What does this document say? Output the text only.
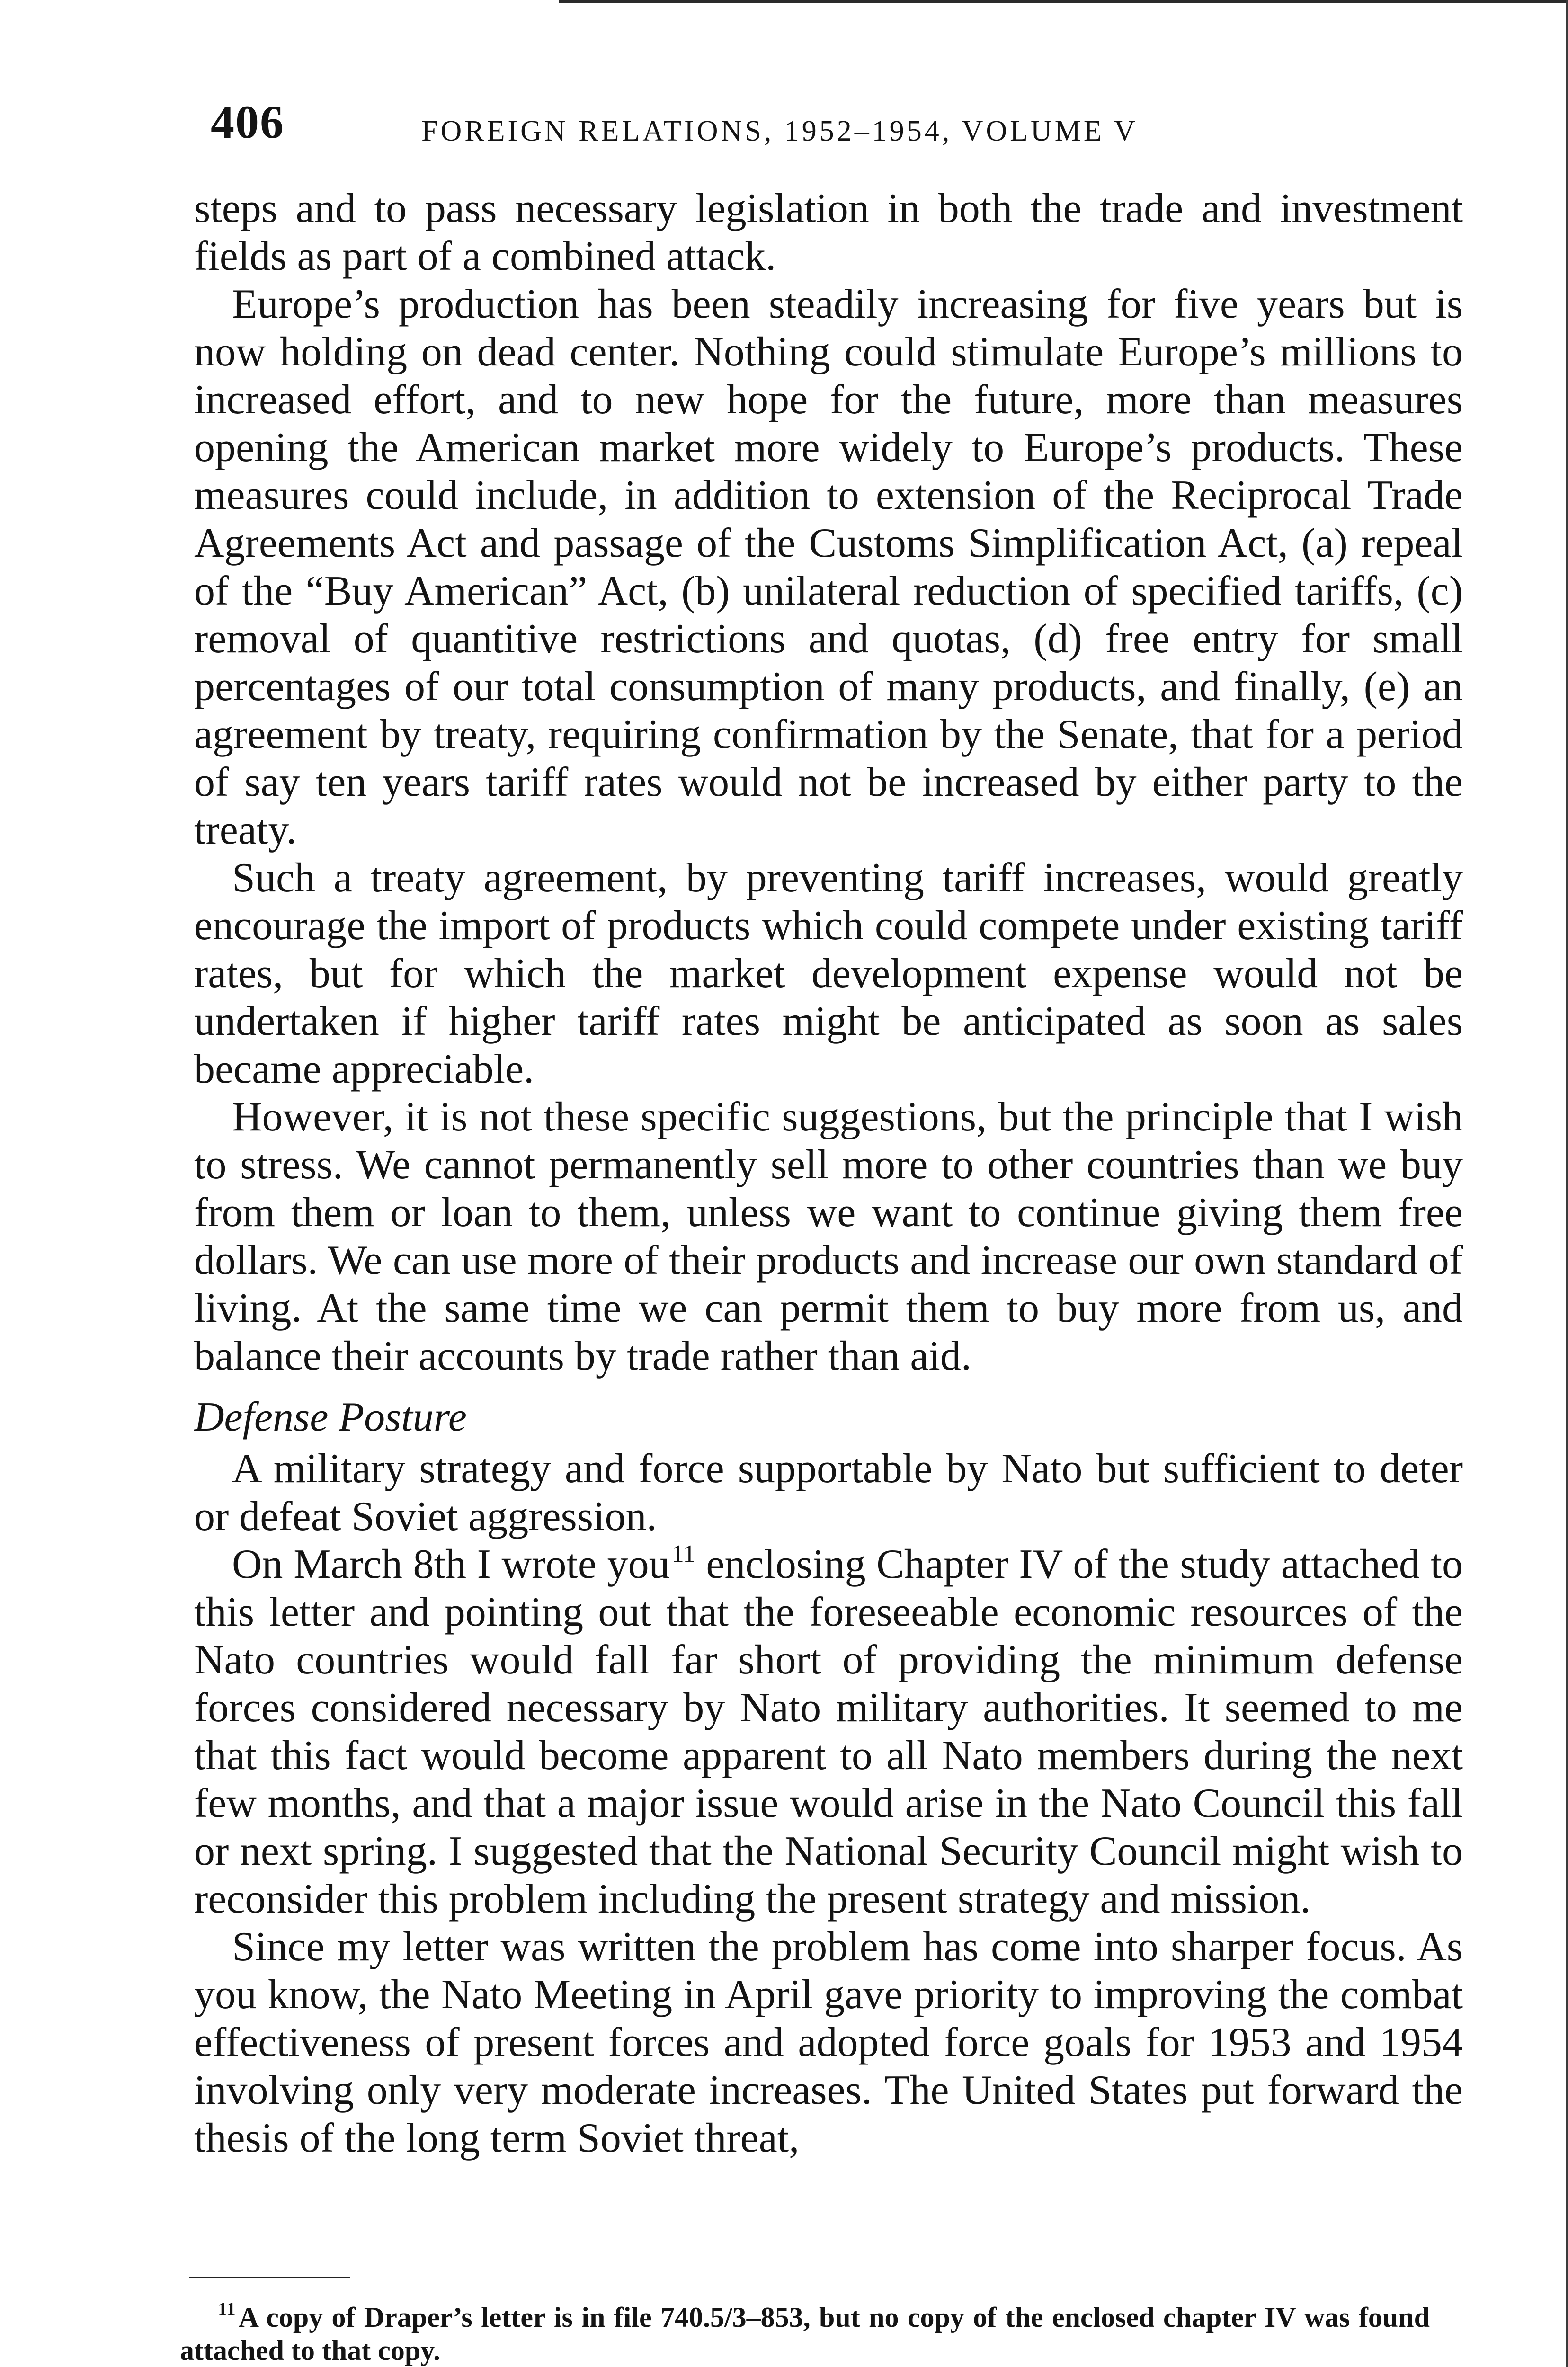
406	FOREIGN RELATIONS, 1952–1954, VOLUME V

steps and to pass necessary legislation in both the trade and investment fields as part of a combined attack.

Europe’s production has been steadily increasing for five years but is now holding on dead center. Nothing could stimulate Europe’s millions to increased effort, and to new hope for the future, more than measures opening the American market more widely to Europe’s products. These measures could include, in addition to extension of the Reciprocal Trade Agreements Act and passage of the Customs Simplification Act, (a) repeal of the “Buy American” Act, (b) unilateral reduction of specified tariffs, (c) removal of quantitive restrictions and quotas, (d) free entry for small percentages of our total consumption of many products, and finally, (e) an agreement by treaty, requiring confirmation by the Senate, that for a period of say ten years tariff rates would not be increased by either party to the treaty.

Such a treaty agreement, by preventing tariff increases, would greatly encourage the import of products which could compete under existing tariff rates, but for which the market development expense would not be undertaken if higher tariff rates might be anticipated as soon as sales became appreciable.

However, it is not these specific suggestions, but the principle that I wish to stress. We cannot permanently sell more to other countries than we buy from them or loan to them, unless we want to continue giving them free dollars. We can use more of their products and increase our own standard of living. At the same time we can permit them to buy more from us, and balance their accounts by trade rather than aid.

Defense Posture

A military strategy and force supportable by Nato but sufficient to deter or defeat Soviet aggression.

On March 8th I wrote you$^{11}$ enclosing Chapter IV of the study attached to this letter and pointing out that the foreseeable economic resources of the Nato countries would fall far short of providing the minimum defense forces considered necessary by Nato military authorities. It seemed to me that this fact would become apparent to all Nato members during the next few months, and that a major issue would arise in the Nato Council this fall or next spring. I suggested that the National Security Council might wish to reconsider this problem including the present strategy and mission.

Since my letter was written the problem has come into sharper focus. As you know, the Nato Meeting in April gave priority to improving the combat effectiveness of present forces and adopted force goals for 1953 and 1954 involving only very moderate increases. The United States put forward the thesis of the long term Soviet threat,

$^{11}$ A copy of Draper’s letter is in file 740.5/3–853, but no copy of the enclosed chapter IV was found attached to that copy.
